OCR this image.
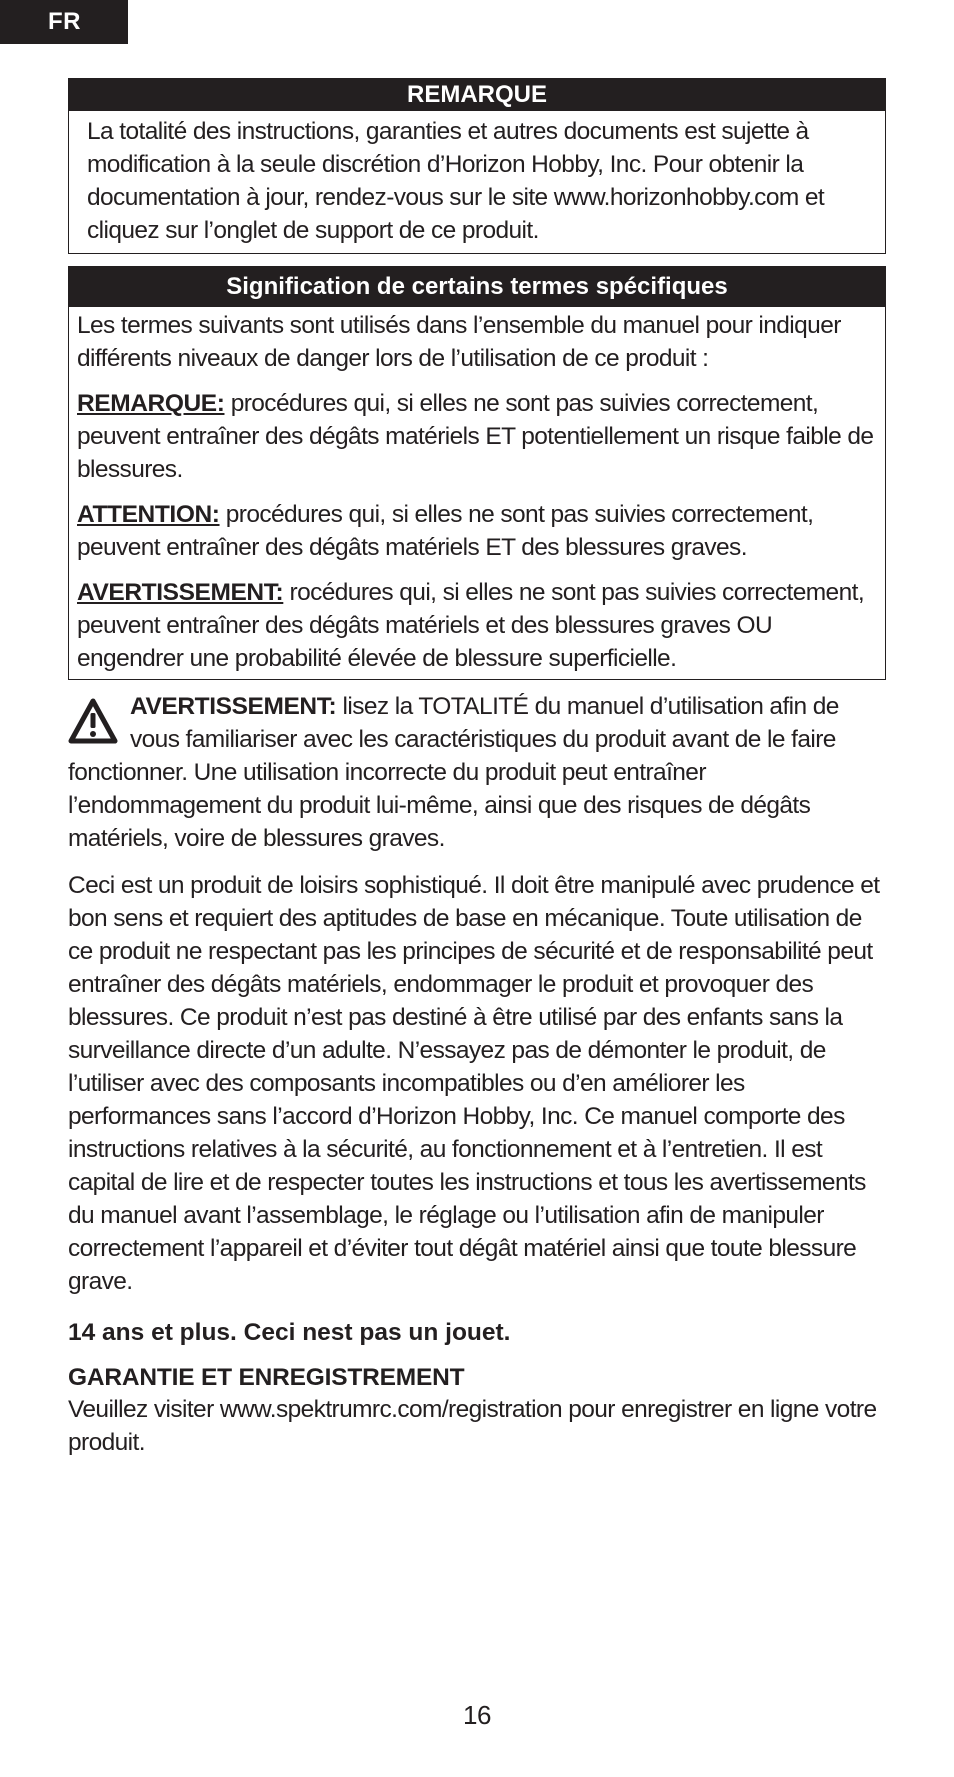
FR
REMARQUE
La totalité des instructions, garanties et autres documents est sujette à modification à la seule discrétion d’Horizon Hobby, Inc. Pour obtenir la documentation à jour, rendez-vous sur le site www.horizonhobby.com et cliquez sur l’onglet de support de ce produit.
Signification de certains termes spécifiques

Les termes suivants sont utilisés dans l’ensemble du manuel pour indiquer différents niveaux de danger lors de l’utilisation de ce produit :

REMARQUE: procédures qui, si elles ne sont pas suivies correctement, peuvent entraîner des dégâts matériels ET potentiellement un risque faible de blessures.

ATTENTION: procédures qui, si elles ne sont pas suivies correctement, peuvent entraîner des dégâts matériels ET des blessures graves.

AVERTISSEMENT: rocédures qui, si elles ne sont pas suivies correctement, peuvent entraîner des dégâts matériels et des blessures graves OU engendrer une probabilité élevée de blessure superficielle.

AVERTISSEMENT: lisez la TOTALITÉ du manuel d’utilisation afin de vous familiariser avec les caractéristiques du produit avant de le faire fonctionner. Une utilisation incorrecte du produit peut entraîner l’endommagement du produit lui-même, ainsi que des risques de dégâts matériels, voire de blessures graves.
Ceci est un produit de loisirs sophistiqué. Il doit être manipulé avec prudence et bon sens et requiert des aptitudes de base en mécanique. Toute utilisation de ce produit ne respectant pas les principes de sécurité et de responsabilité peut entraîner des dégâts matériels, endommager le produit et provoquer des blessures. Ce produit n’est pas destiné à être utilisé par des enfants sans la surveillance directe d’un adulte. N’essayez pas de démonter le produit, de l’utiliser avec des composants incompatibles ou d’en améliorer les performances sans l’accord d’Horizon Hobby, Inc. Ce manuel comporte des instructions relatives à la sécurité, au fonctionnement et à l’entretien. Il est capital de lire et de respecter toutes les instructions et tous les avertissements du manuel avant l’assemblage, le réglage ou l’utilisation afin de manipuler correctement l’appareil et d’éviter tout dégât matériel ainsi que toute blessure grave.
14 ans et plus. Ceci nest pas un jouet.
GARANTIE ET ENREGISTREMENT
Veuillez visiter www.spektrumrc.com/registration pour enregistrer en ligne votre produit.
16
